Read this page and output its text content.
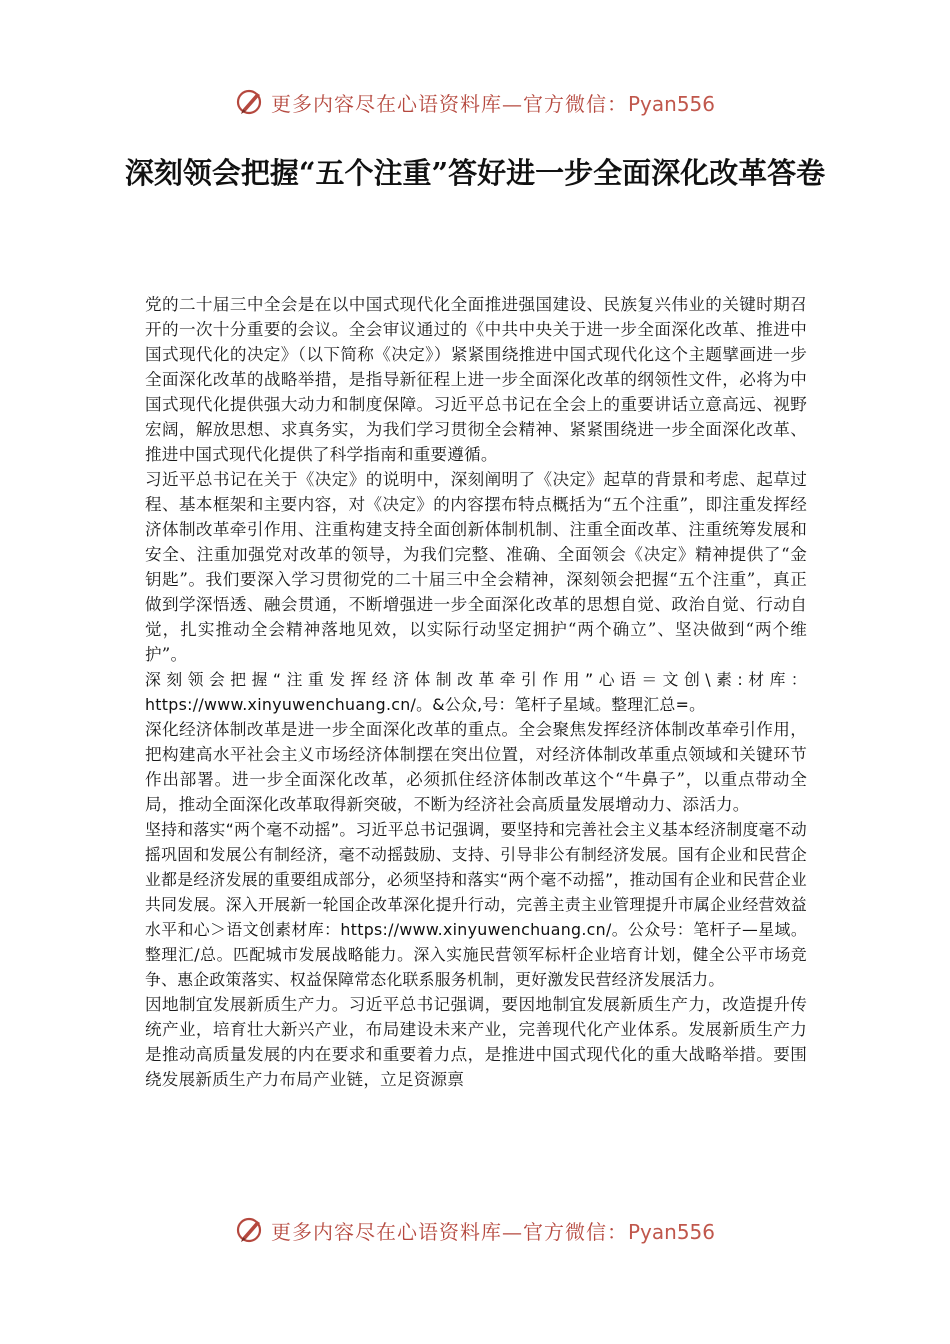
更多内容尽在心语资料库—官方微信：Pyan556
深刻领会把握“五个注重”答好进一步全面深化改革答卷

党的二十届三中全会是在以中国式现代化全面推进强国建设、民族复兴伟业的关键时期召开的一次十分重要的会议。全会审议通过的《中共中央关于进一步全面深化改革、推进中国式现代化的决定》（以下简称《决定》）紧紧围绕推进中国式现代化这个主题擘画进一步全面深化改革的战略举措，是指导新征程上进一步全面深化改革的纲领性文件，必将为中国式现代化提供强大动力和制度保障。习近平总书记在全会上的重要讲话立意高远、视野宏阔，解放思想、求真务实，为我们学习贯彻全会精神、紧紧围绕进一步全面深化改革、推进中国式现代化提供了科学指南和重要遵循。

习近平总书记在关于《决定》的说明中，深刻阐明了《决定》起草的背景和考虑、起草过程、基本框架和主要内容，对《决定》的内容摆布特点概括为“五个注重”，即注重发挥经济体制改革牵引作用、注重构建支持全面创新体制机制、注重全面改革、注重统筹发展和安全、注重加强党对改革的领导，为我们完整、准确、全面领会《决定》精神提供了“金钥匙”。我们要深入学习贯彻党的二十届三中全会精神，深刻领会把握“五个注重”，真正做到学深悟透、融会贯通，不断增强进一步全面深化改革的思想自觉、政治自觉、行动自觉，扎实推动全会精神落地见效，以实际行动坚定拥护“两个确立”、坚决做到“两个维护”。

深刻领会把握“注重发挥经济体制改革牵引作用”心语＝文创\素:材库：https://www.xinyuwenchuang.cn/。&公众,号：笔杆子星域。整理汇总=。

深化经济体制改革是进一步全面深化改革的重点。全会聚焦发挥经济体制改革牵引作用，把构建高水平社会主义市场经济体制摆在突出位置，对经济体制改革重点领域和关键环节作出部署。进一步全面深化改革，必须抓住经济体制改革这个“牛鼻子”，以重点带动全局，推动全面深化改革取得新突破，不断为经济社会高质量发展增动力、添活力。

坚持和落实“两个毫不动摇”。习近平总书记强调，要坚持和完善社会主义基本经济制度毫不动摇巩固和发展公有制经济，毫不动摇鼓励、支持、引导非公有制经济发展。国有企业和民营企业都是经济发展的重要组成部分，必须坚持和落实“两个毫不动摇”，推动国有企业和民营企业共同发展。深入开展新一轮国企改革深化提升行动，完善主责主业管理提升市属企业经营效益水平和心＞语文创素材库：https://www.xinyuwenchuang.cn/。公众号：笔杆子—星域。整理汇/总。匹配城市发展战略能力。深入实施民营领军标杆企业培育计划，健全公平市场竞争、惠企政策落实、权益保障常态化联系服务机制，更好激发民营经济发展活力。

因地制宜发展新质生产力。习近平总书记强调，要因地制宜发展新质生产力，改造提升传统产业，培育壮大新兴产业，布局建设未来产业，完善现代化产业体系。发展新质生产力是推动高质量发展的内在要求和重要着力点，是推进中国式现代化的重大战略举措。要围绕发展新质生产力布局产业链，立足资源禀

更多内容尽在心语资料库—官方微信：Pyan556
